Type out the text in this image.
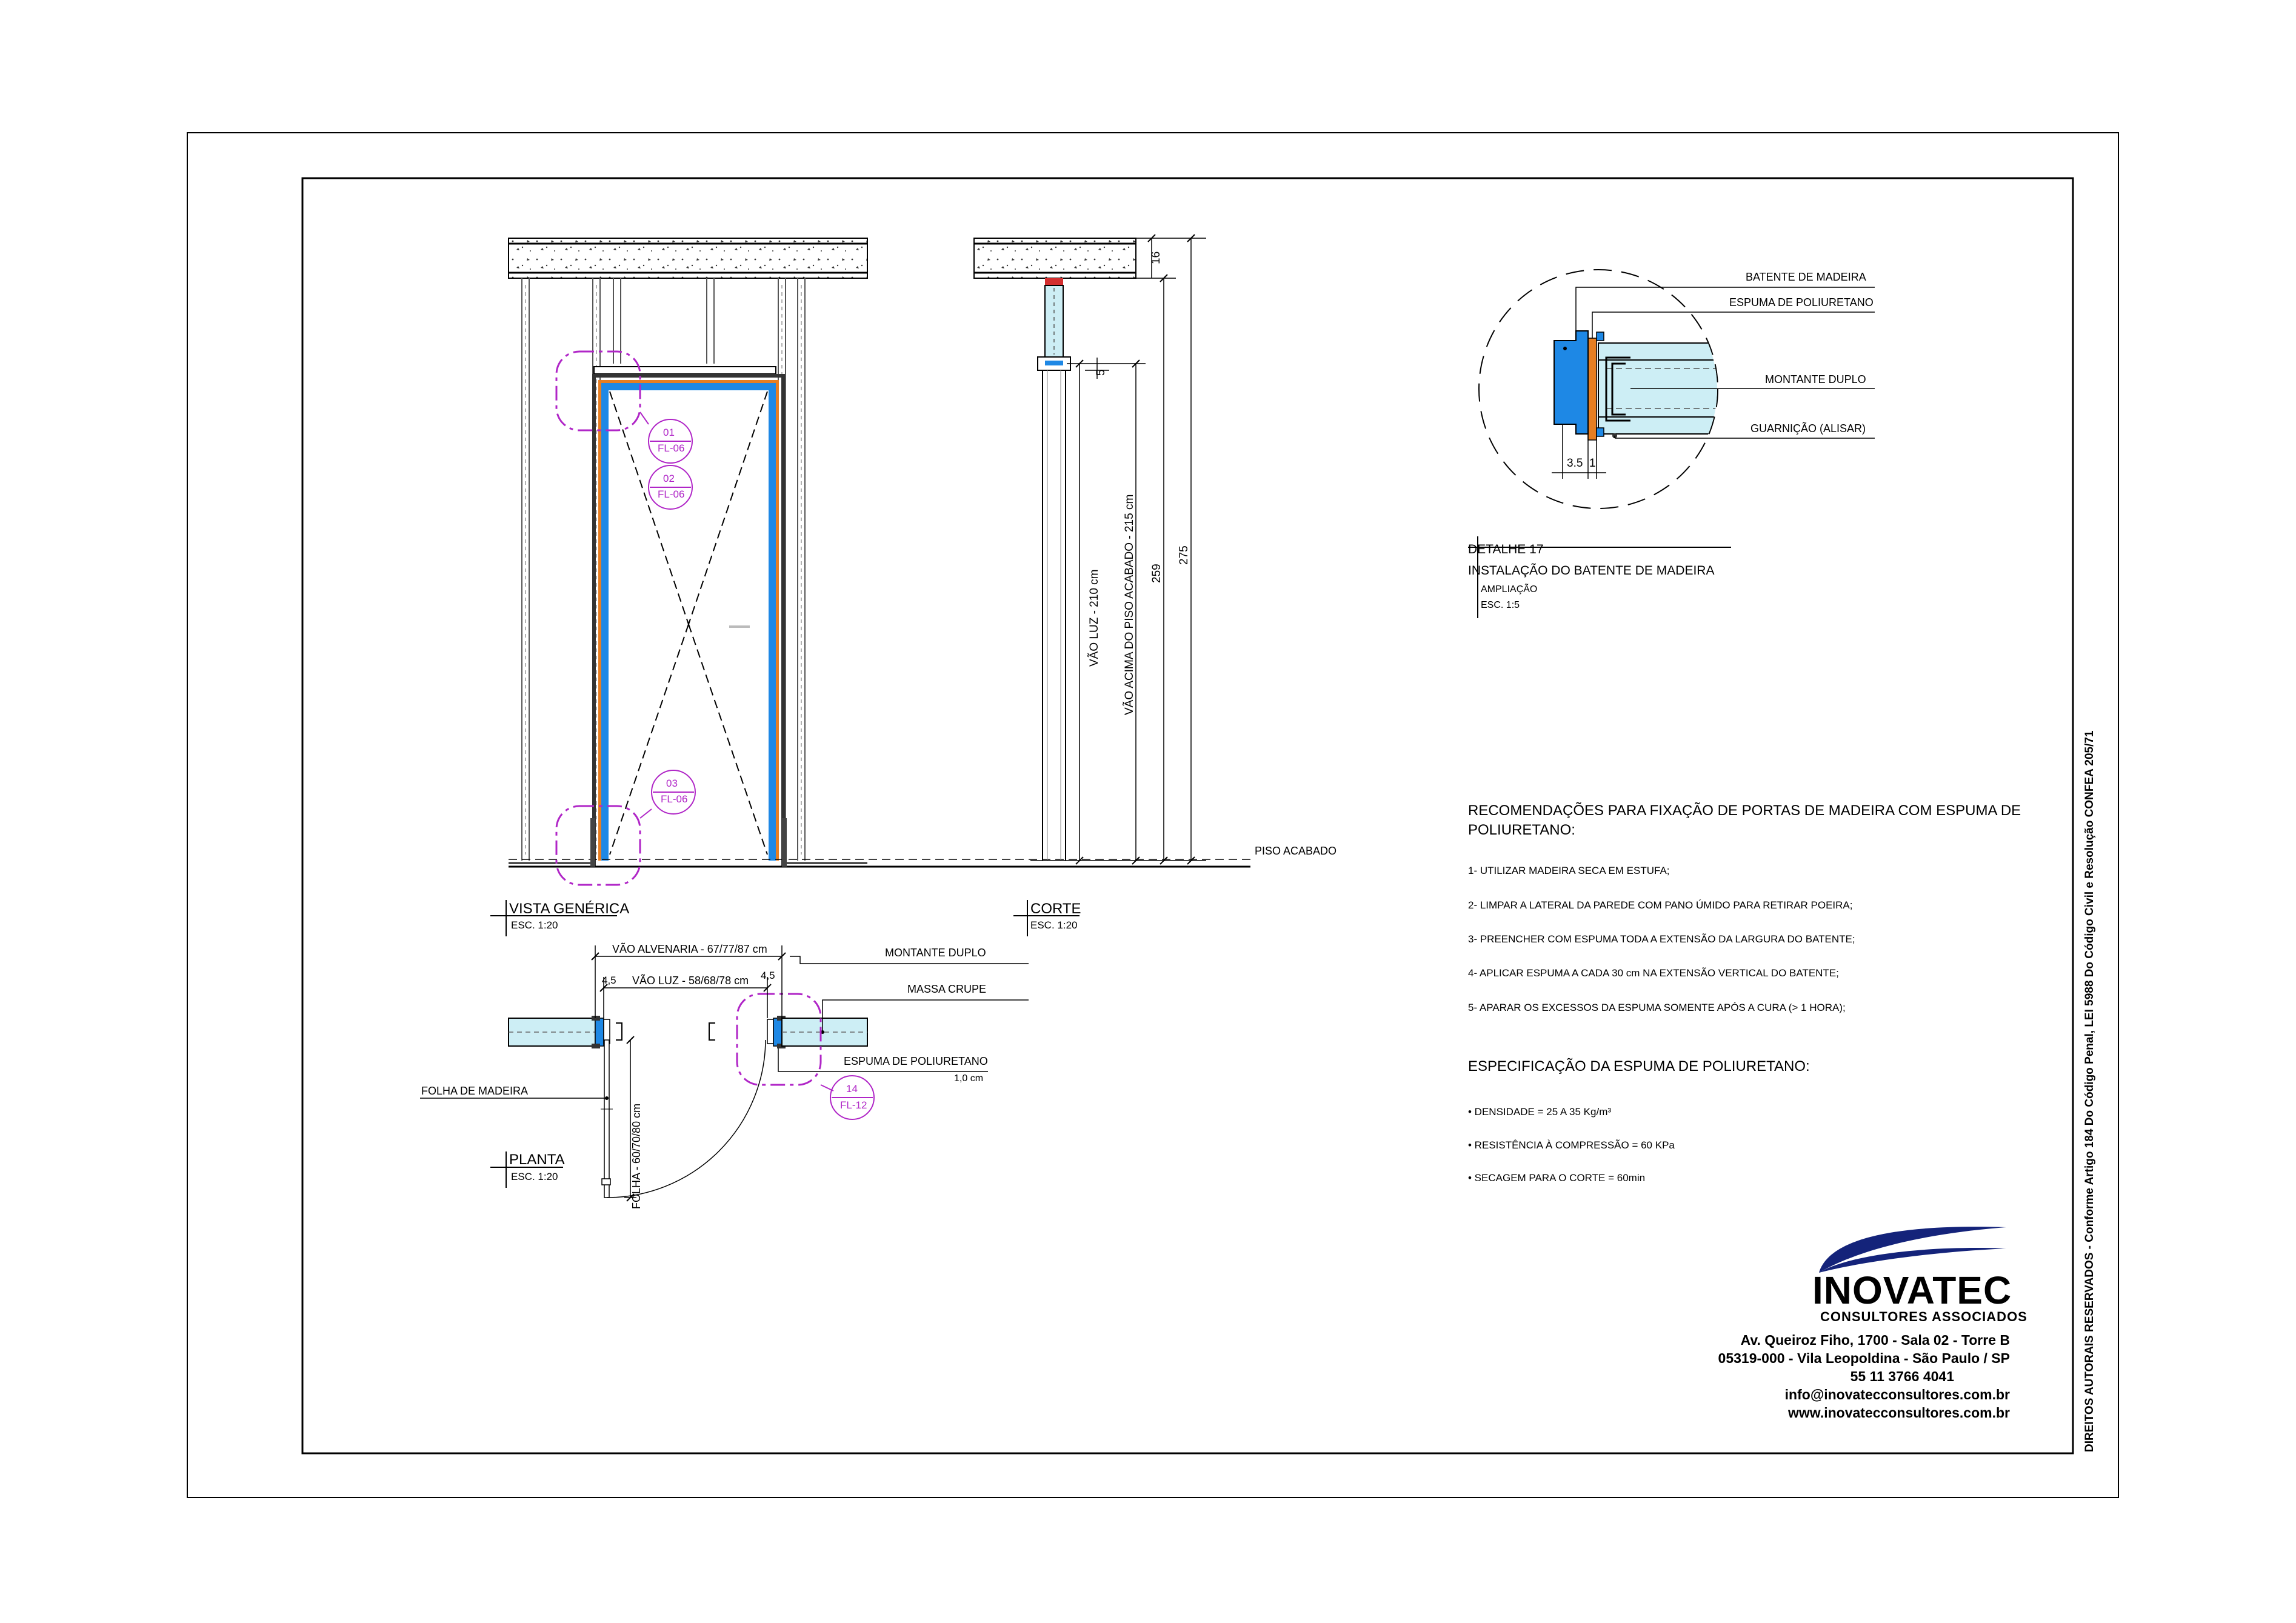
VISTA GENÉRICA
ESC. 1:20
CORTE
ESC. 1:20
PLANTA
ESC. 1:20
01
FL-06
02
FL-06
03
FL-06
14
FL-12
PISO ACABADO
FOLHA DE MADEIRA
MONTANTE DUPLO
MASSA CRUPE
ESPUMA DE POLIURETANO
1,0 cm
VÃO ALVENARIA - 67/77/87 cm
VÃO LUZ - 58/68/78 cm
4,5	4,5
FOLHA - 60/70/80 cm
VÃO LUZ - 210 cm VÃO ACIMA DO PISO ACABADO - 215 cm 259
275
16
5
BATENTE DE MADEIRA
ESPUMA DE POLIURETANO
MONTANTE DUPLO
GUARNIÇÃO (ALISAR)
3.5 1
DETALHE 17
INSTALAÇÃO DO BATENTE DE MADEIRA
AMPLIAÇÃO
ESC. 1:5
RECOMENDAÇÕES PARA FIXAÇÃO DE PORTAS DE MADEIRA COM ESPUMA DE
POLIURETANO:
1- UTILIZAR MADEIRA SECA EM ESTUFA;
2- LIMPAR A LATERAL DA PAREDE COM PANO ÚMIDO PARA RETIRAR POEIRA;
3- PREENCHER COM ESPUMA TODA A EXTENSÃO DA LARGURA DO BATENTE;
4- APLICAR ESPUMA A CADA 30 cm NA EXTENSÃO VERTICAL DO BATENTE;
5- APARAR OS EXCESSOS DA ESPUMA SOMENTE APÓS A CURA (> 1 HORA);
ESPECIFICAÇÃO DA ESPUMA DE POLIURETANO:
• DENSIDADE = 25 A 35 Kg/m³
• RESISTÊNCIA À COMPRESSÃO = 60 KPa
• SECAGEM PARA O CORTE = 60min
INOVATEC
CONSULTORES ASSOCIADOS
Av. Queiroz Fiho, 1700 - Sala 02 - Torre B
05319-000 - Vila Leopoldina - São Paulo / SP
55 11 3766 4041
info@inovatecconsultores.com.br
www.inovatecconsultores.com.br	DIREITOS AUTORAIS RESERVADOS - Conforme Artigo 184 Do Código Penal, LEI 5988 Do Código Civil e Resolução CONFEA 205/71
